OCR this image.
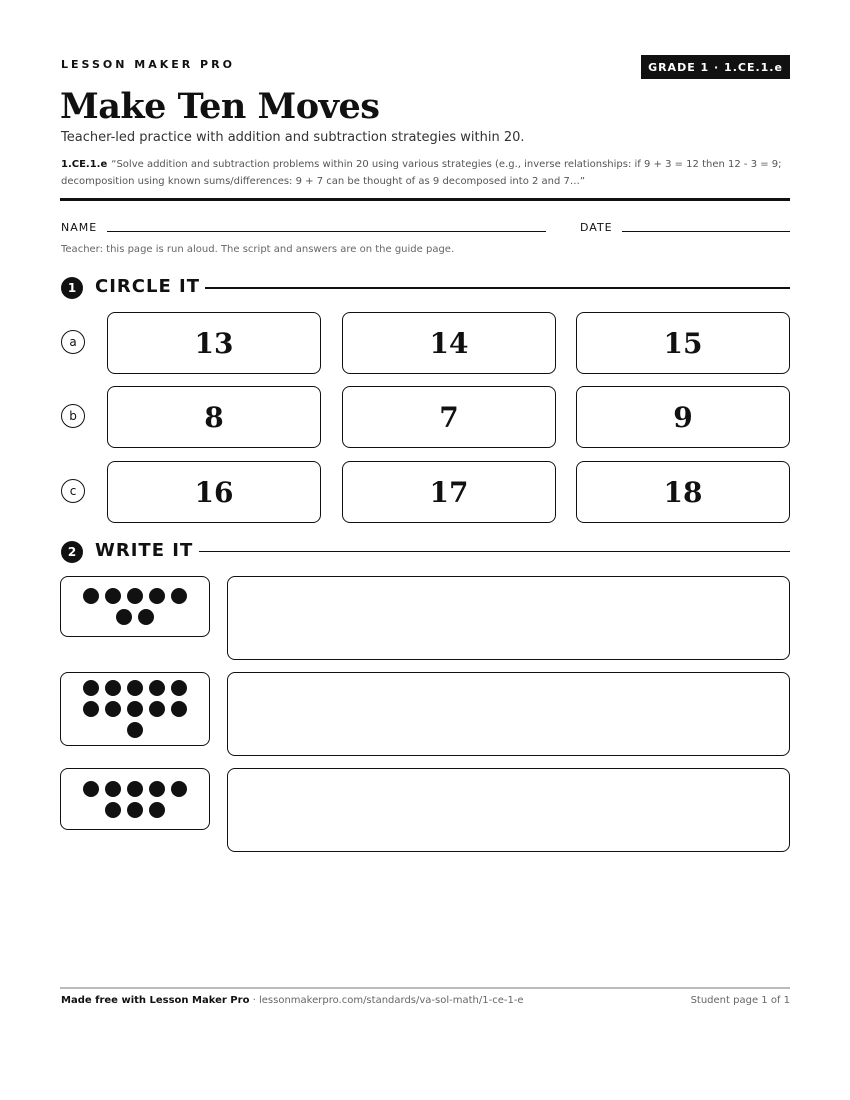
LESSON MAKER PRO	GRADE 1 · 1.CE.1.e
Make Ten Moves
Teacher-led practice with addition and subtraction strategies within 20.
1.CE.1.e “Solve addition and subtraction problems within 20 using various strategies (e.g., inverse relationships: if 9 + 3 = 12 then 12 - 3 = 9; decomposition using known sums/differences: 9 + 7 can be thought of as 9 decomposed into 2 and 7…”
NAME	DATE
Teacher: this page is run aloud. The script and answers are on the guide page.
1	CIRCLE IT
a	13	14	15
b	8	7	9
c	16	17	18
2	WRITE IT
Made free with Lesson Maker Pro · lessonmakerpro.com/standards/va-sol-math/1-ce-1-e	Student page 1 of 1
